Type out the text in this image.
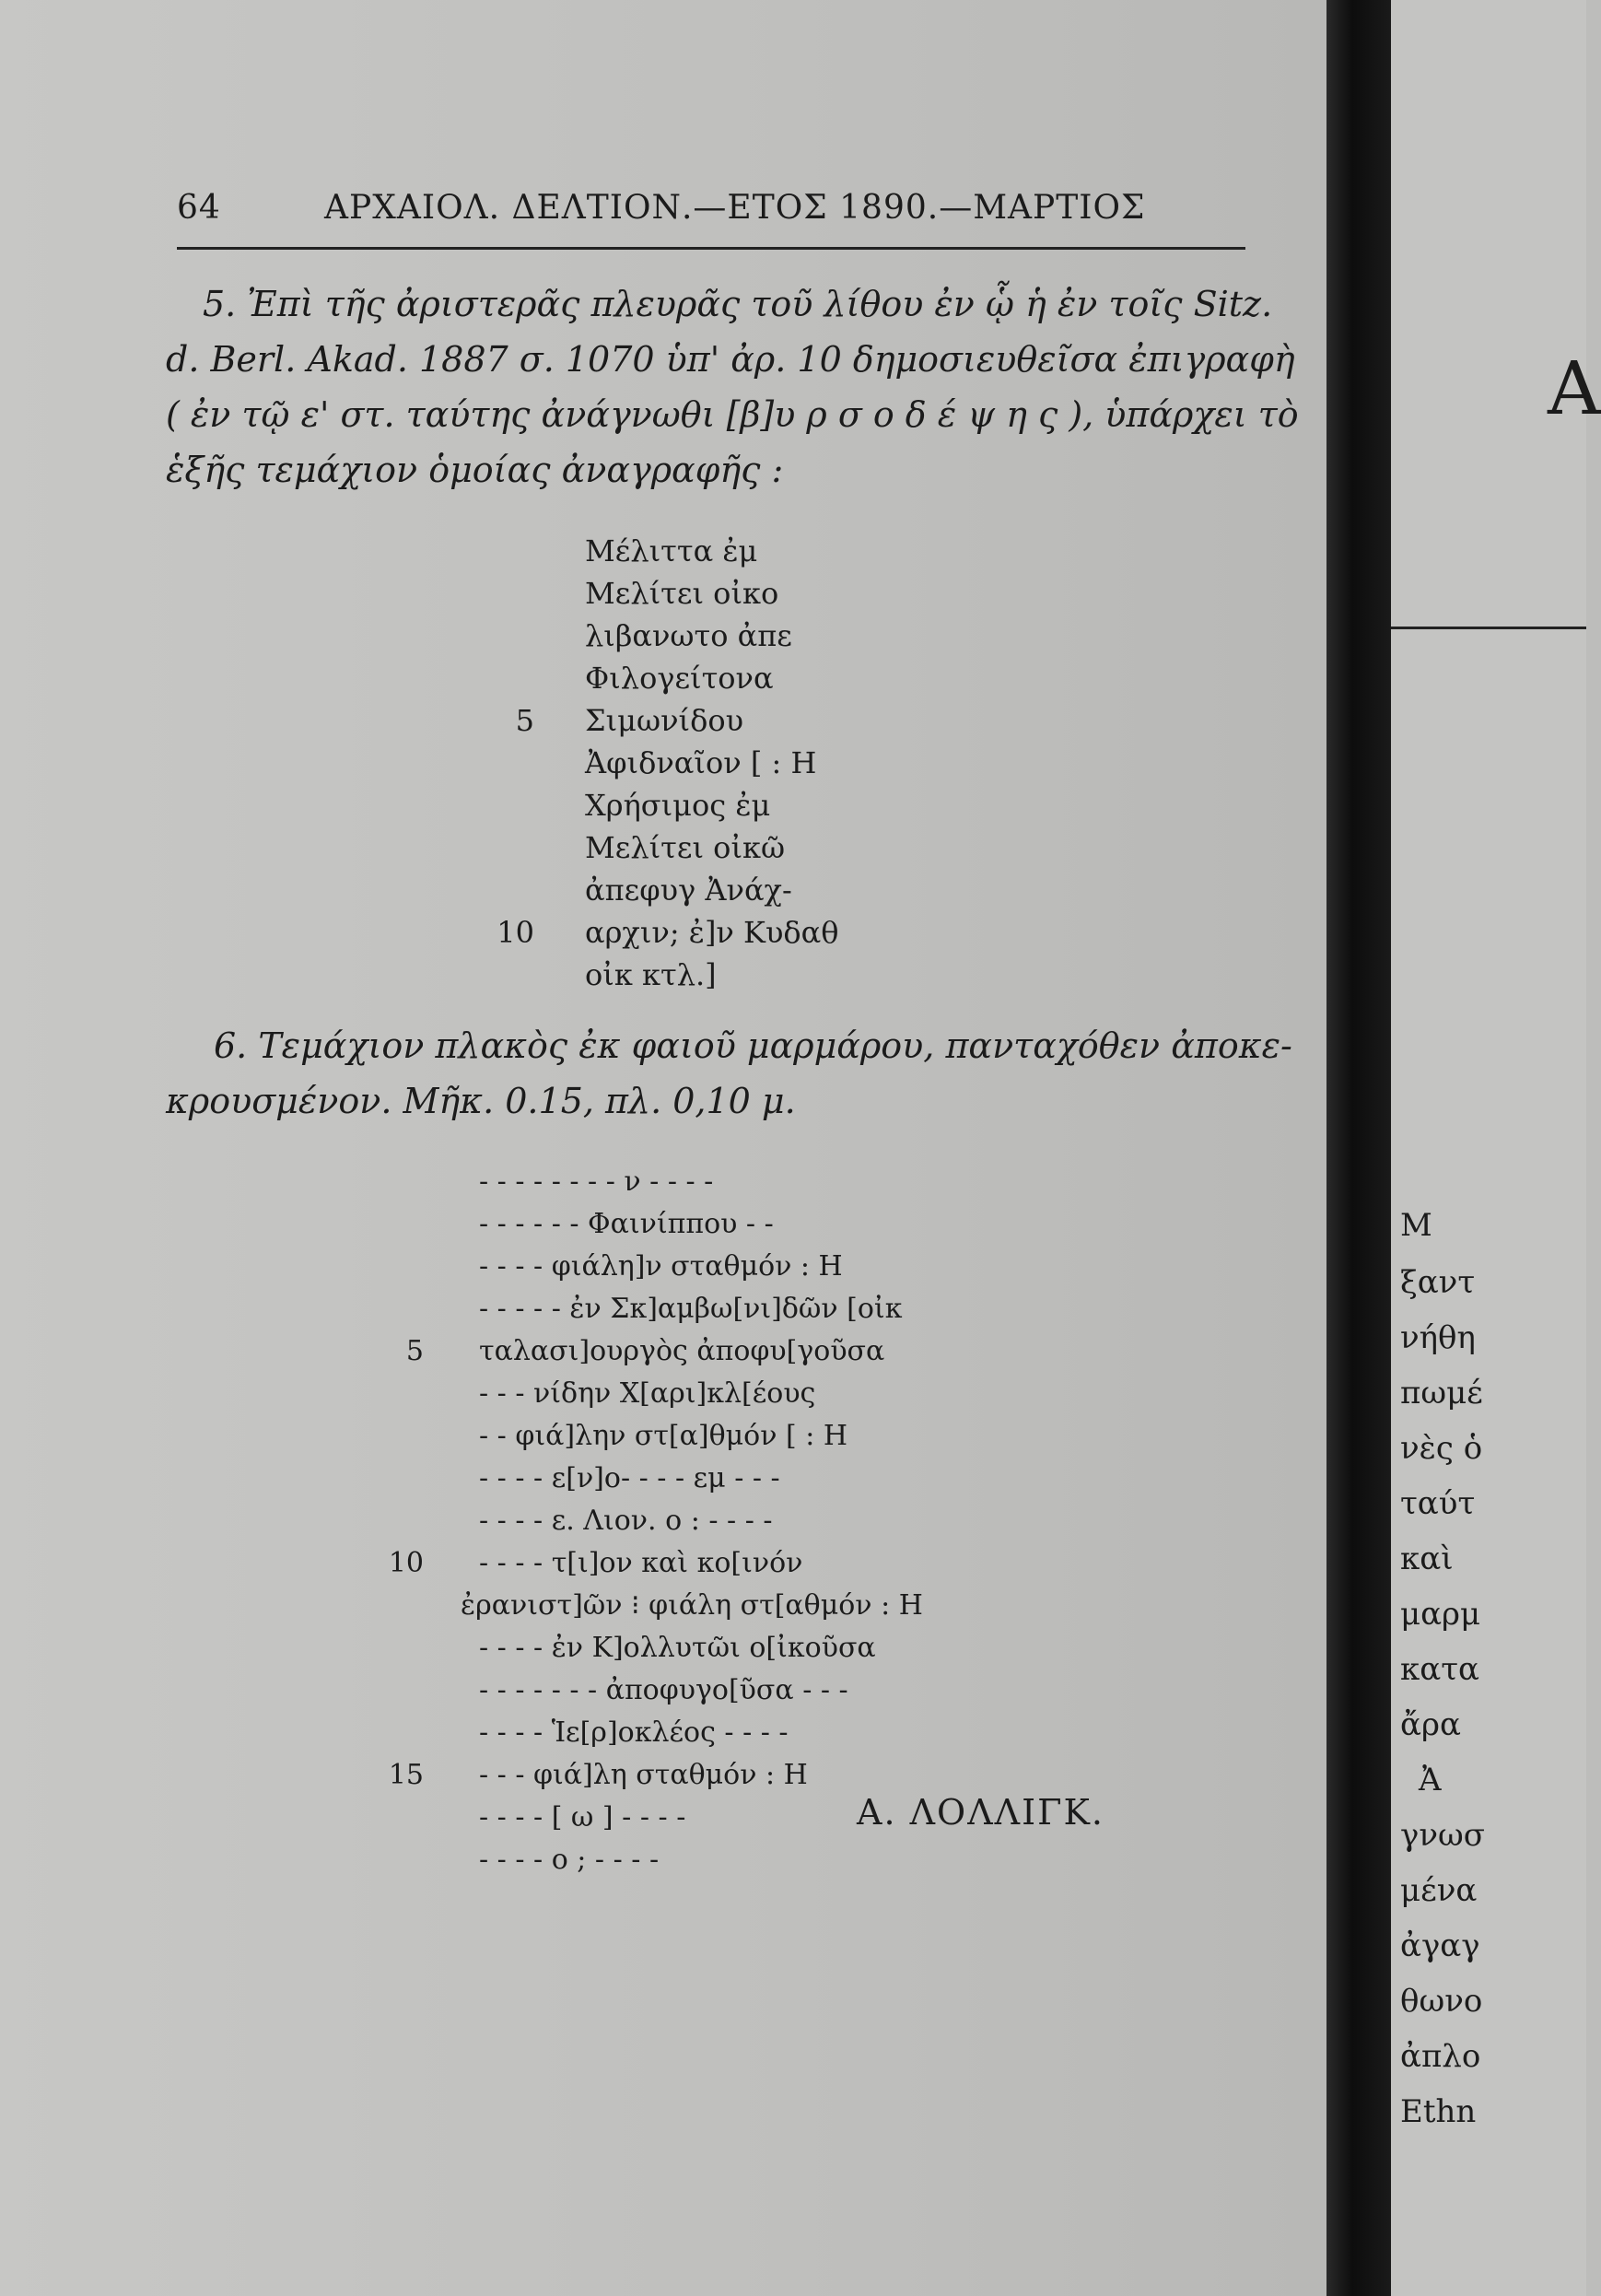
64	ΑΡΧΑΙΟΛ. ΔΕΛΤΙΟΝ.—ΕΤΟΣ 1890.—ΜΑΡΤΙΟΣ
5. Ἐπὶ τῆς ἀριστερᾶς πλευρᾶς τοῦ λίθου ἐν ᾧ ἡ ἐν τοῖς Sitz.
d. Berl. Akad. 1887 σ. 1070 ὑπ' ἀρ. 10 δημοσιευθεῖσα ἐπιγραφὴ
( ἐν τῷ ε' στ. ταύτης ἀνάγνωθι [β]υ ρ σ ο δ έ ψ η ς ), ὑπάρχει τὸ
ἑξῆς τεμάχιον ὁμοίας ἀναγραφῆς :
Μέλιττα ἐμ
Μελίτει οἰκο
λιβανωτο ἀπε
Φιλογείτονα
5 Σιμωνίδου
Ἀφιδναῖον [ : Η
Χρήσιμος ἐμ
Μελίτει οἰκῶ
ἀπεφυγ Ἀνάχ-
10 αρχιν; ἐ]ν Κυδαθ
οἰκ κτλ.]
6. Τεμάχιον πλακὸς ἐκ φαιοῦ μαρμάρου, πανταχόθεν ἀποκε-
κρουσμένον. Μῆκ. 0.15, πλ. 0,10 μ.
- - - - - - - - ν - - - -
- - - - - - Φαινίππου - -
- - - - φιάλη]ν σταθμόν : Η
- - - - - ἐν Σκ]αμβω[νι]δῶν [οἰκ
5 ταλασι]ουργὸς ἀποφυ[γοῦσα
- - - νίδην Χ[αρι]κλ[έους
- - φιά]λην στ[α]θμόν [ : Η
- - - - ε[ν]ο- - - - εμ - - -
- - - - ε. Λιον. ο : - - - -
10 - - - - τ[ι]ον καὶ κο[ινόν
ἐρανιστ]ῶν ⁝ φιάλη στ[αθμόν : Η
- - - - ἐν Κ]ολλυτῶι ο[ἰκοῦσα
- - - - - - - ἀποφυγο[ῦσα - - -
- - - - Ἱε[ρ]οκλέος - - - -
15 - - - φιά]λη σταθμόν : Η
- - - - [ ω ] - - - -
- - - - ο ; - - - -
Α. ΛΟΛΛΙΓΚ.
Α
Μ
ξαντ
νήθη
πωμέ
νὲς ὁ
ταύτ
καὶ
μαρμ
κατα
ἄρα
Ἀ
γνωσ
μένα
ἀγαγ
θωνο
ἀπλο
Ethn
